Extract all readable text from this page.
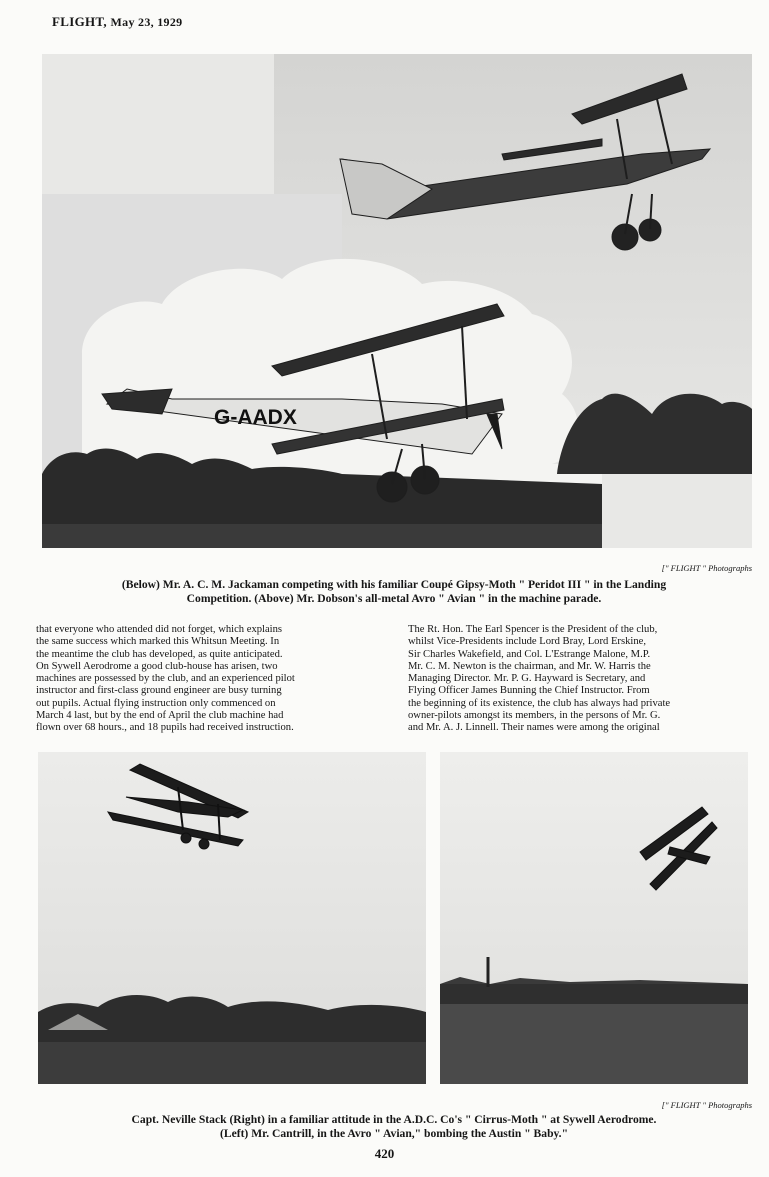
FLIGHT, May 23, 1929
G-AADX
[" FLIGHT " Photographs
(Below) Mr. A. C. M. Jackaman competing with his familiar Coupé Gipsy-Moth " Peridot III " in the Landing
Competition. (Above) Mr. Dobson's all-metal Avro " Avian " in the machine parade.

that everyone who attended did not forget, which explains

the same success which marked this Whitsun Meeting. In

the meantime the club has developed, as quite anticipated.

On Sywell Aerodrome a good club-house has arisen, two

machines are possessed by the club, and an experienced pilot

instructor and first-class ground engineer are busy turning

out pupils. Actual flying instruction only commenced on

March 4 last, but by the end of April the club machine had

flown over 68 hours., and 18 pupils had received instruction.

The Rt. Hon. The Earl Spencer is the President of the club,

whilst Vice-Presidents include Lord Bray, Lord Erskine,

Sir Charles Wakefield, and Col. L'Estrange Malone, M.P.

Mr. C. M. Newton is the chairman, and Mr. W. Harris the

Managing Director. Mr. P. G. Hayward is Secretary, and

Flying Officer James Bunning the Chief Instructor. From

the beginning of its existence, the club has always had private

owner-pilots amongst its members, in the persons of Mr. G.

and Mr. A. J. Linnell. Their names were among the original

[" FLIGHT " Photographs
Capt. Neville Stack (Right) in a familiar attitude in the A.D.C. Co's " Cirrus-Moth " at Sywell Aerodrome.
(Left) Mr. Cantrill, in the Avro " Avian," bombing the Austin " Baby."
420
